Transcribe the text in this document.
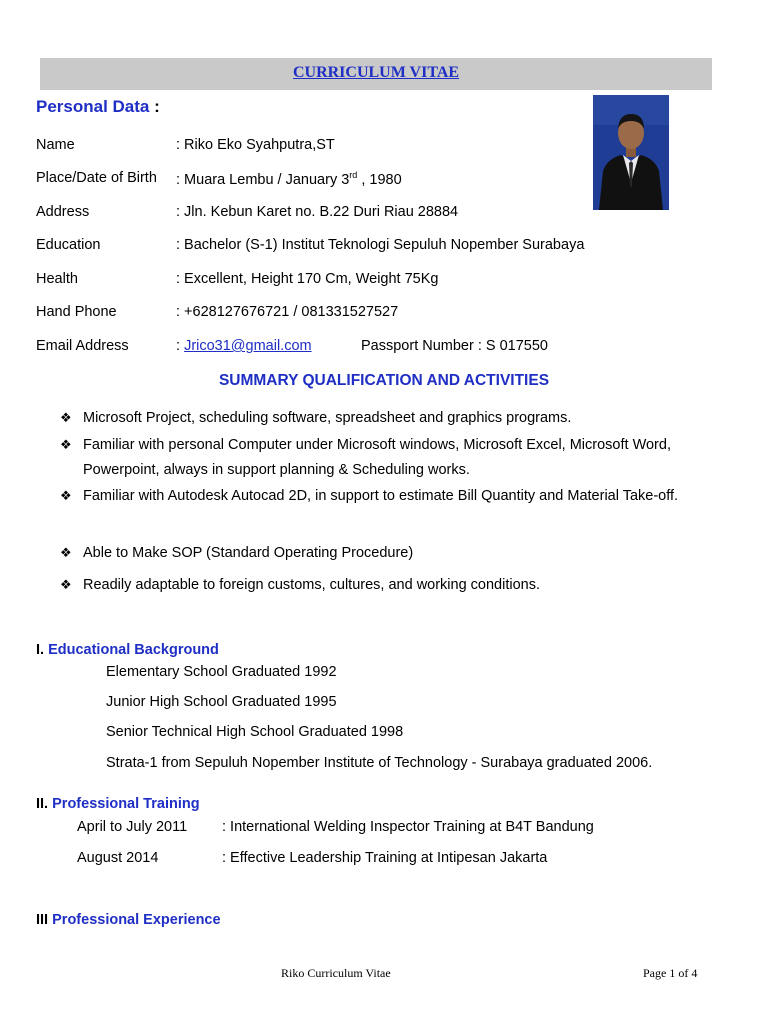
CURRICULUM VITAE
Personal Data :
Name	: Riko Eko Syahputra,ST
Place/Date of Birth : Muara Lembu / January 3rd , 1980
Address	: Jln. Kebun Karet no. B.22 Duri Riau 28884
Education	: Bachelor (S-1) Institut Teknologi Sepuluh Nopember Surabaya
Health	: Excellent, Height 170 Cm, Weight 75Kg
Hand Phone	: +628127676721 / 081331527527
Email Address	: Jrico31@gmail.com	Passport Number : S 017550
SUMMARY QUALIFICATION AND ACTIVITIES
❖ Microsoft Project, scheduling software, spreadsheet and graphics programs.
❖ Familiar with personal Computer under Microsoft windows, Microsoft Excel, Microsoft Word, Powerpoint, always in support planning & Scheduling works.
❖ Familiar with Autodesk Autocad 2D, in support to estimate Bill Quantity and Material Take-off.
❖ Able to Make SOP (Standard Operating Procedure)
❖ Readily adaptable to foreign customs, cultures, and working conditions.
I. Educational Background
Elementary School Graduated 1992
Junior High School Graduated 1995
Senior Technical High School Graduated 1998
Strata-1 from Sepuluh Nopember Institute of Technology - Surabaya graduated 2006.
II. Professional Training
April to July 2011 : International Welding Inspector Training at B4T Bandung
August 2014	: Effective Leadership Training at Intipesan Jakarta
III Professional Experience
Riko Curriculum Vitae	Page 1 of 4
